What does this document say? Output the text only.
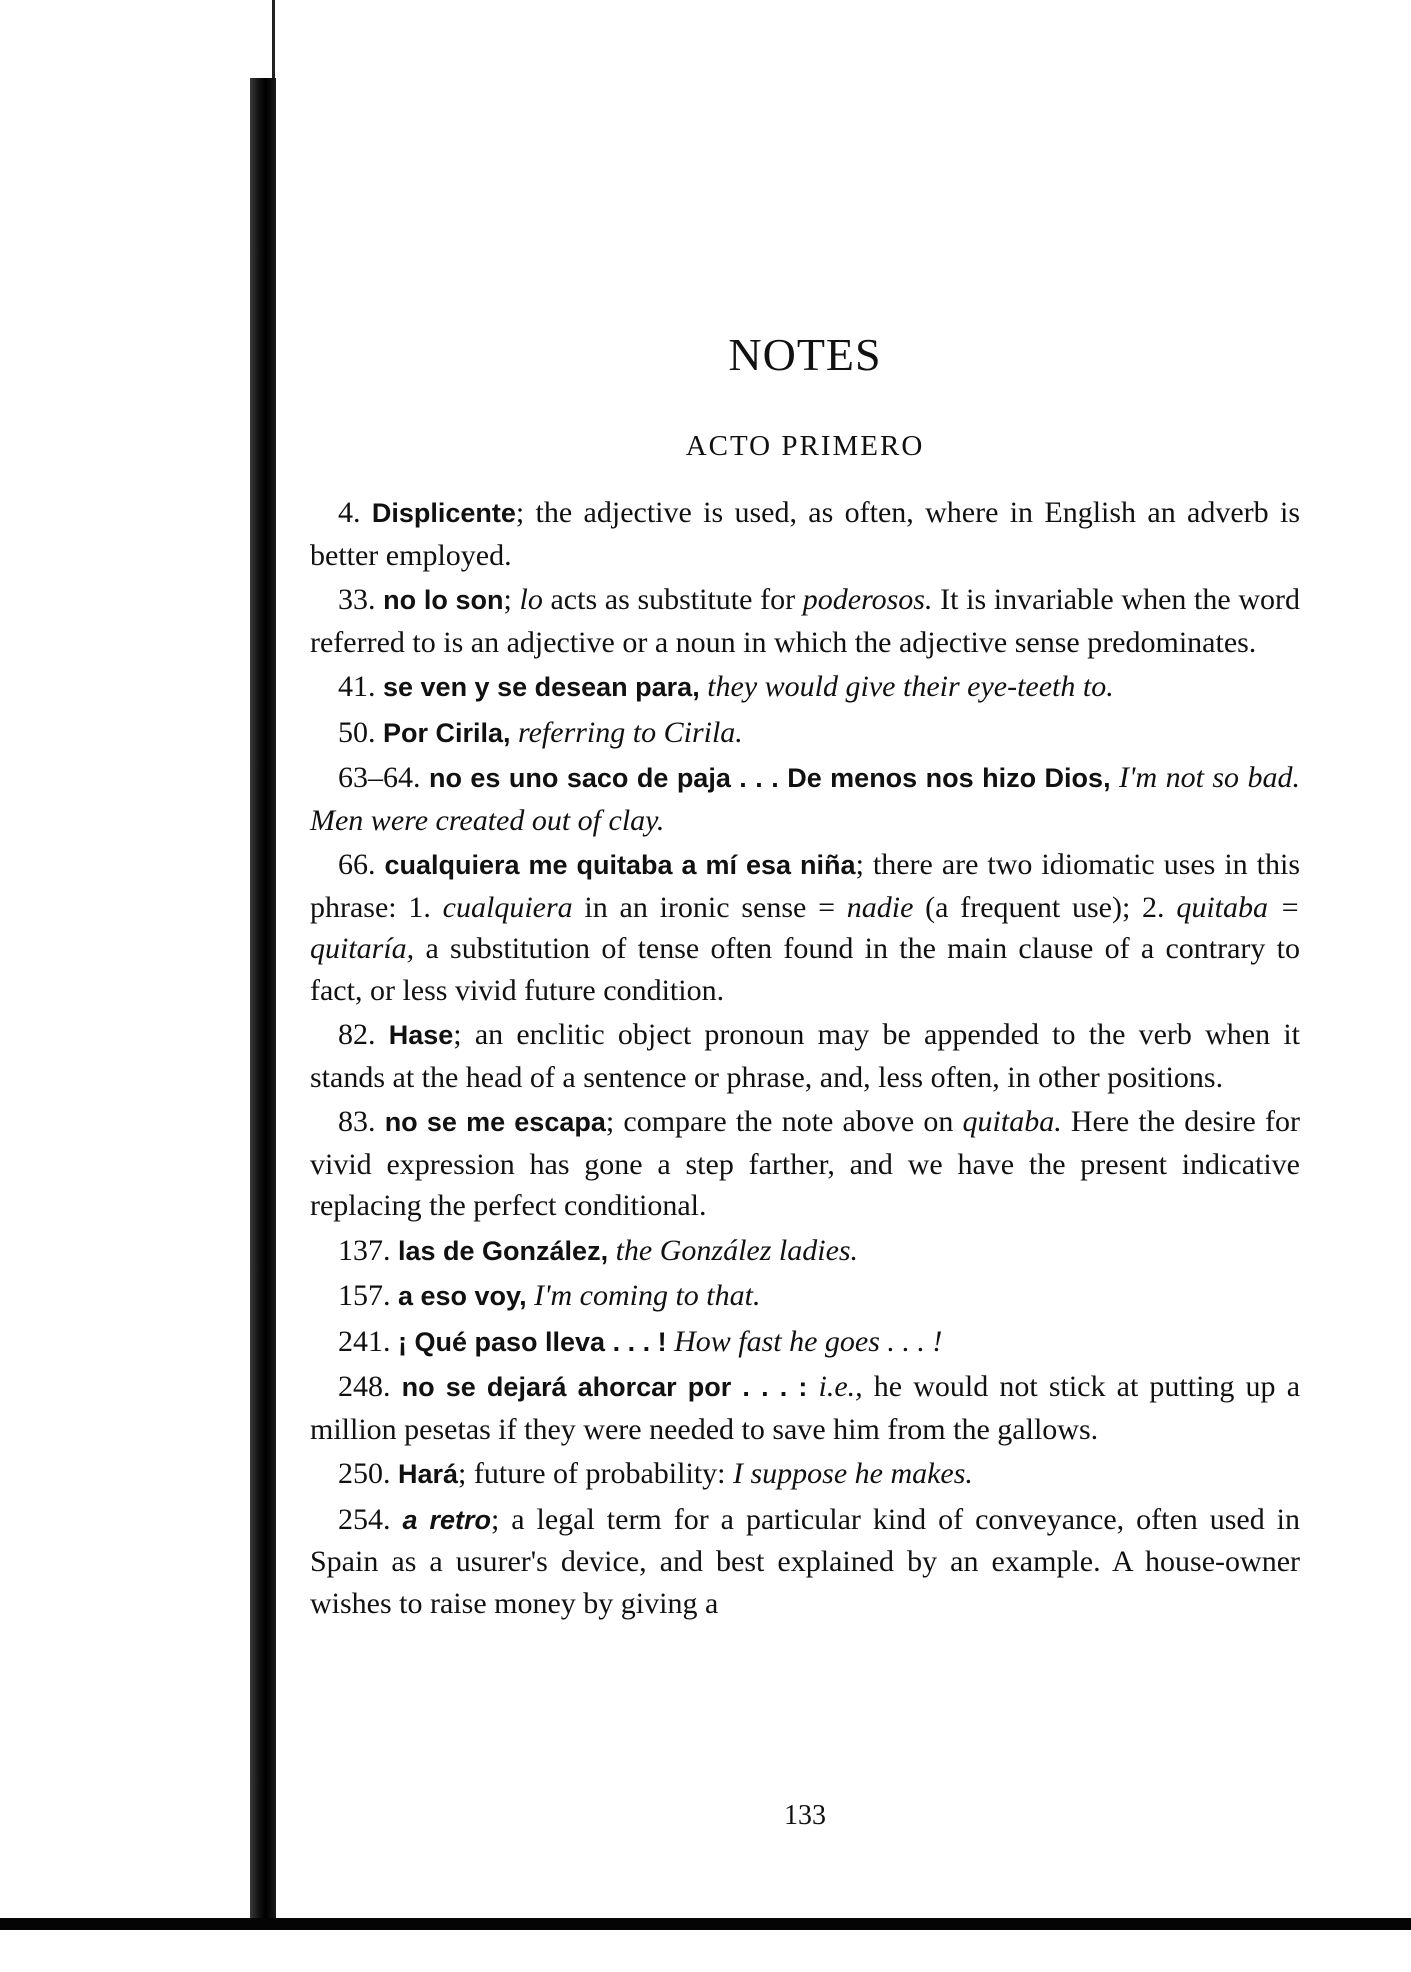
NOTES
ACTO PRIMERO

4. Displicente; the adjective is used, as often, where in English an adverb is better employed.

33. no lo son; lo acts as substitute for poderosos. It is invariable when the word referred to is an adjective or a noun in which the adjective sense predominates.

41. se ven y se desean para, they would give their eye-teeth to.

50. Por Cirila, referring to Cirila.

63–64. no es uno saco de paja . . . De menos nos hizo Dios, I'm not so bad. Men were created out of clay.

66. cualquiera me quitaba a mí esa niña; there are two idiomatic uses in this phrase: 1. cualquiera in an ironic sense = nadie (a frequent use); 2. quitaba = quitaría, a substitution of tense often found in the main clause of a contrary to fact, or less vivid future condition.

82. Hase; an enclitic object pronoun may be appended to the verb when it stands at the head of a sentence or phrase, and, less often, in other positions.

83. no se me escapa; compare the note above on quitaba. Here the desire for vivid expression has gone a step farther, and we have the present indicative replacing the perfect conditional.

137. las de González, the González ladies.

157. a eso voy, I'm coming to that.

241. ¡ Qué paso lleva . . . ! How fast he goes . . . !

248. no se dejará ahorcar por . . . : i.e., he would not stick at putting up a million pesetas if they were needed to save him from the gallows.

250. Hará; future of probability: I suppose he makes.

254. a retro; a legal term for a particular kind of conveyance, often used in Spain as a usurer's device, and best explained by an example. A house-owner wishes to raise money by giving a

133
